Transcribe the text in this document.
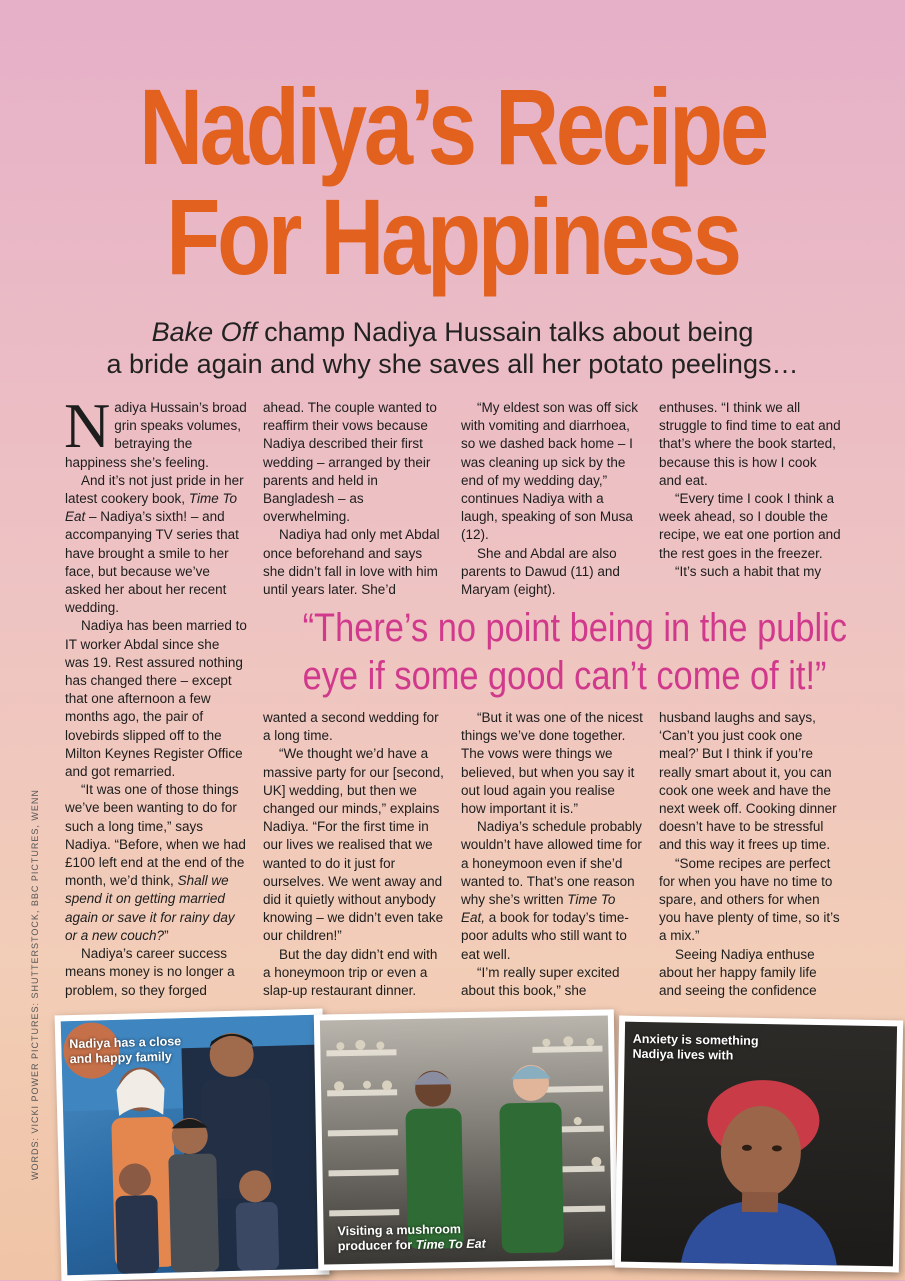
Nadiya’s Recipe
For Happiness
Bake Off champ Nadiya Hussain talks about being
a bride again and why she saves all her potato peelings…

Nadiya Hussain’s broad grin speaks volumes, betraying the happiness she’s feeling.

And it’s not just pride in her latest cookery book, Time To Eat – Nadiya’s sixth! – and accompanying TV series that have brought a smile to her face, but because we’ve asked her about her recent wedding.

Nadiya has been married to IT worker Abdal since she was 19. Rest assured nothing has changed there – except that one afternoon a few months ago, the pair of lovebirds slipped off to the Milton Keynes Register Office and got remarried.

“It was one of those things we’ve been wanting to do for such a long time,” says Nadiya. “Before, when we had £100 left end at the end of the month, we’d think, Shall we spend it on getting married again or save it for rainy day or a new couch?”

Nadiya’s career success means money is no longer a problem, so they forged

ahead. The couple wanted to reaffirm their vows because Nadiya described their first wedding – arranged by their parents and held in Bangladesh – as overwhelming.

Nadiya had only met Abdal once beforehand and says she didn’t fall in love with him until years later. She’d

“My eldest son was off sick with vomiting and diarrhoea, so we dashed back home – I was cleaning up sick by the end of my wedding day,” continues Nadiya with a laugh, speaking of son Musa (12).

She and Abdal are also parents to Dawud (11) and Maryam (eight).

enthuses. “I think we all struggle to find time to eat and that’s where the book started, because this is how I cook and eat.

“Every time I cook I think a week ahead, so I double the recipe, we eat one portion and the rest goes in the freezer.

“It’s such a habit that my

“There’s no point being in the public
eye if some good can’t come of it!”

wanted a second wedding for a long time.

“We thought we’d have a massive party for our [second, UK] wedding, but then we changed our minds,” explains Nadiya. “For the first time in our lives we realised that we wanted to do it just for ourselves. We went away and did it quietly without anybody knowing – we didn’t even take our children!”

But the day didn’t end with a honeymoon trip or even a slap-up restaurant dinner.

“But it was one of the nicest things we’ve done together. The vows were things we believed, but when you say it out loud again you realise how important it is.”

Nadiya’s schedule probably wouldn’t have allowed time for a honeymoon even if she’d wanted to. That’s one reason why she’s written Time To Eat, a book for today’s time-poor adults who still want to eat well.

“I’m really super excited about this book,” she

husband laughs and says, ‘Can’t you just cook one meal?’ But I think if you’re really smart about it, you can cook one week and have the next week off. Cooking dinner doesn’t have to be stressful and this way it frees up time.

“Some recipes are perfect for when you have no time to spare, and others for when you have plenty of time, so it’s a mix.”

Seeing Nadiya enthuse about her happy family life and seeing the confidence

WORDS: VICKI POWER PICTURES: SHUTTERSTOCK, BBC PICTURES, WENN Nadiya has a close and happy family
Visiting a mushroom producer for Time To Eat
Anxiety is something Nadiya lives with
